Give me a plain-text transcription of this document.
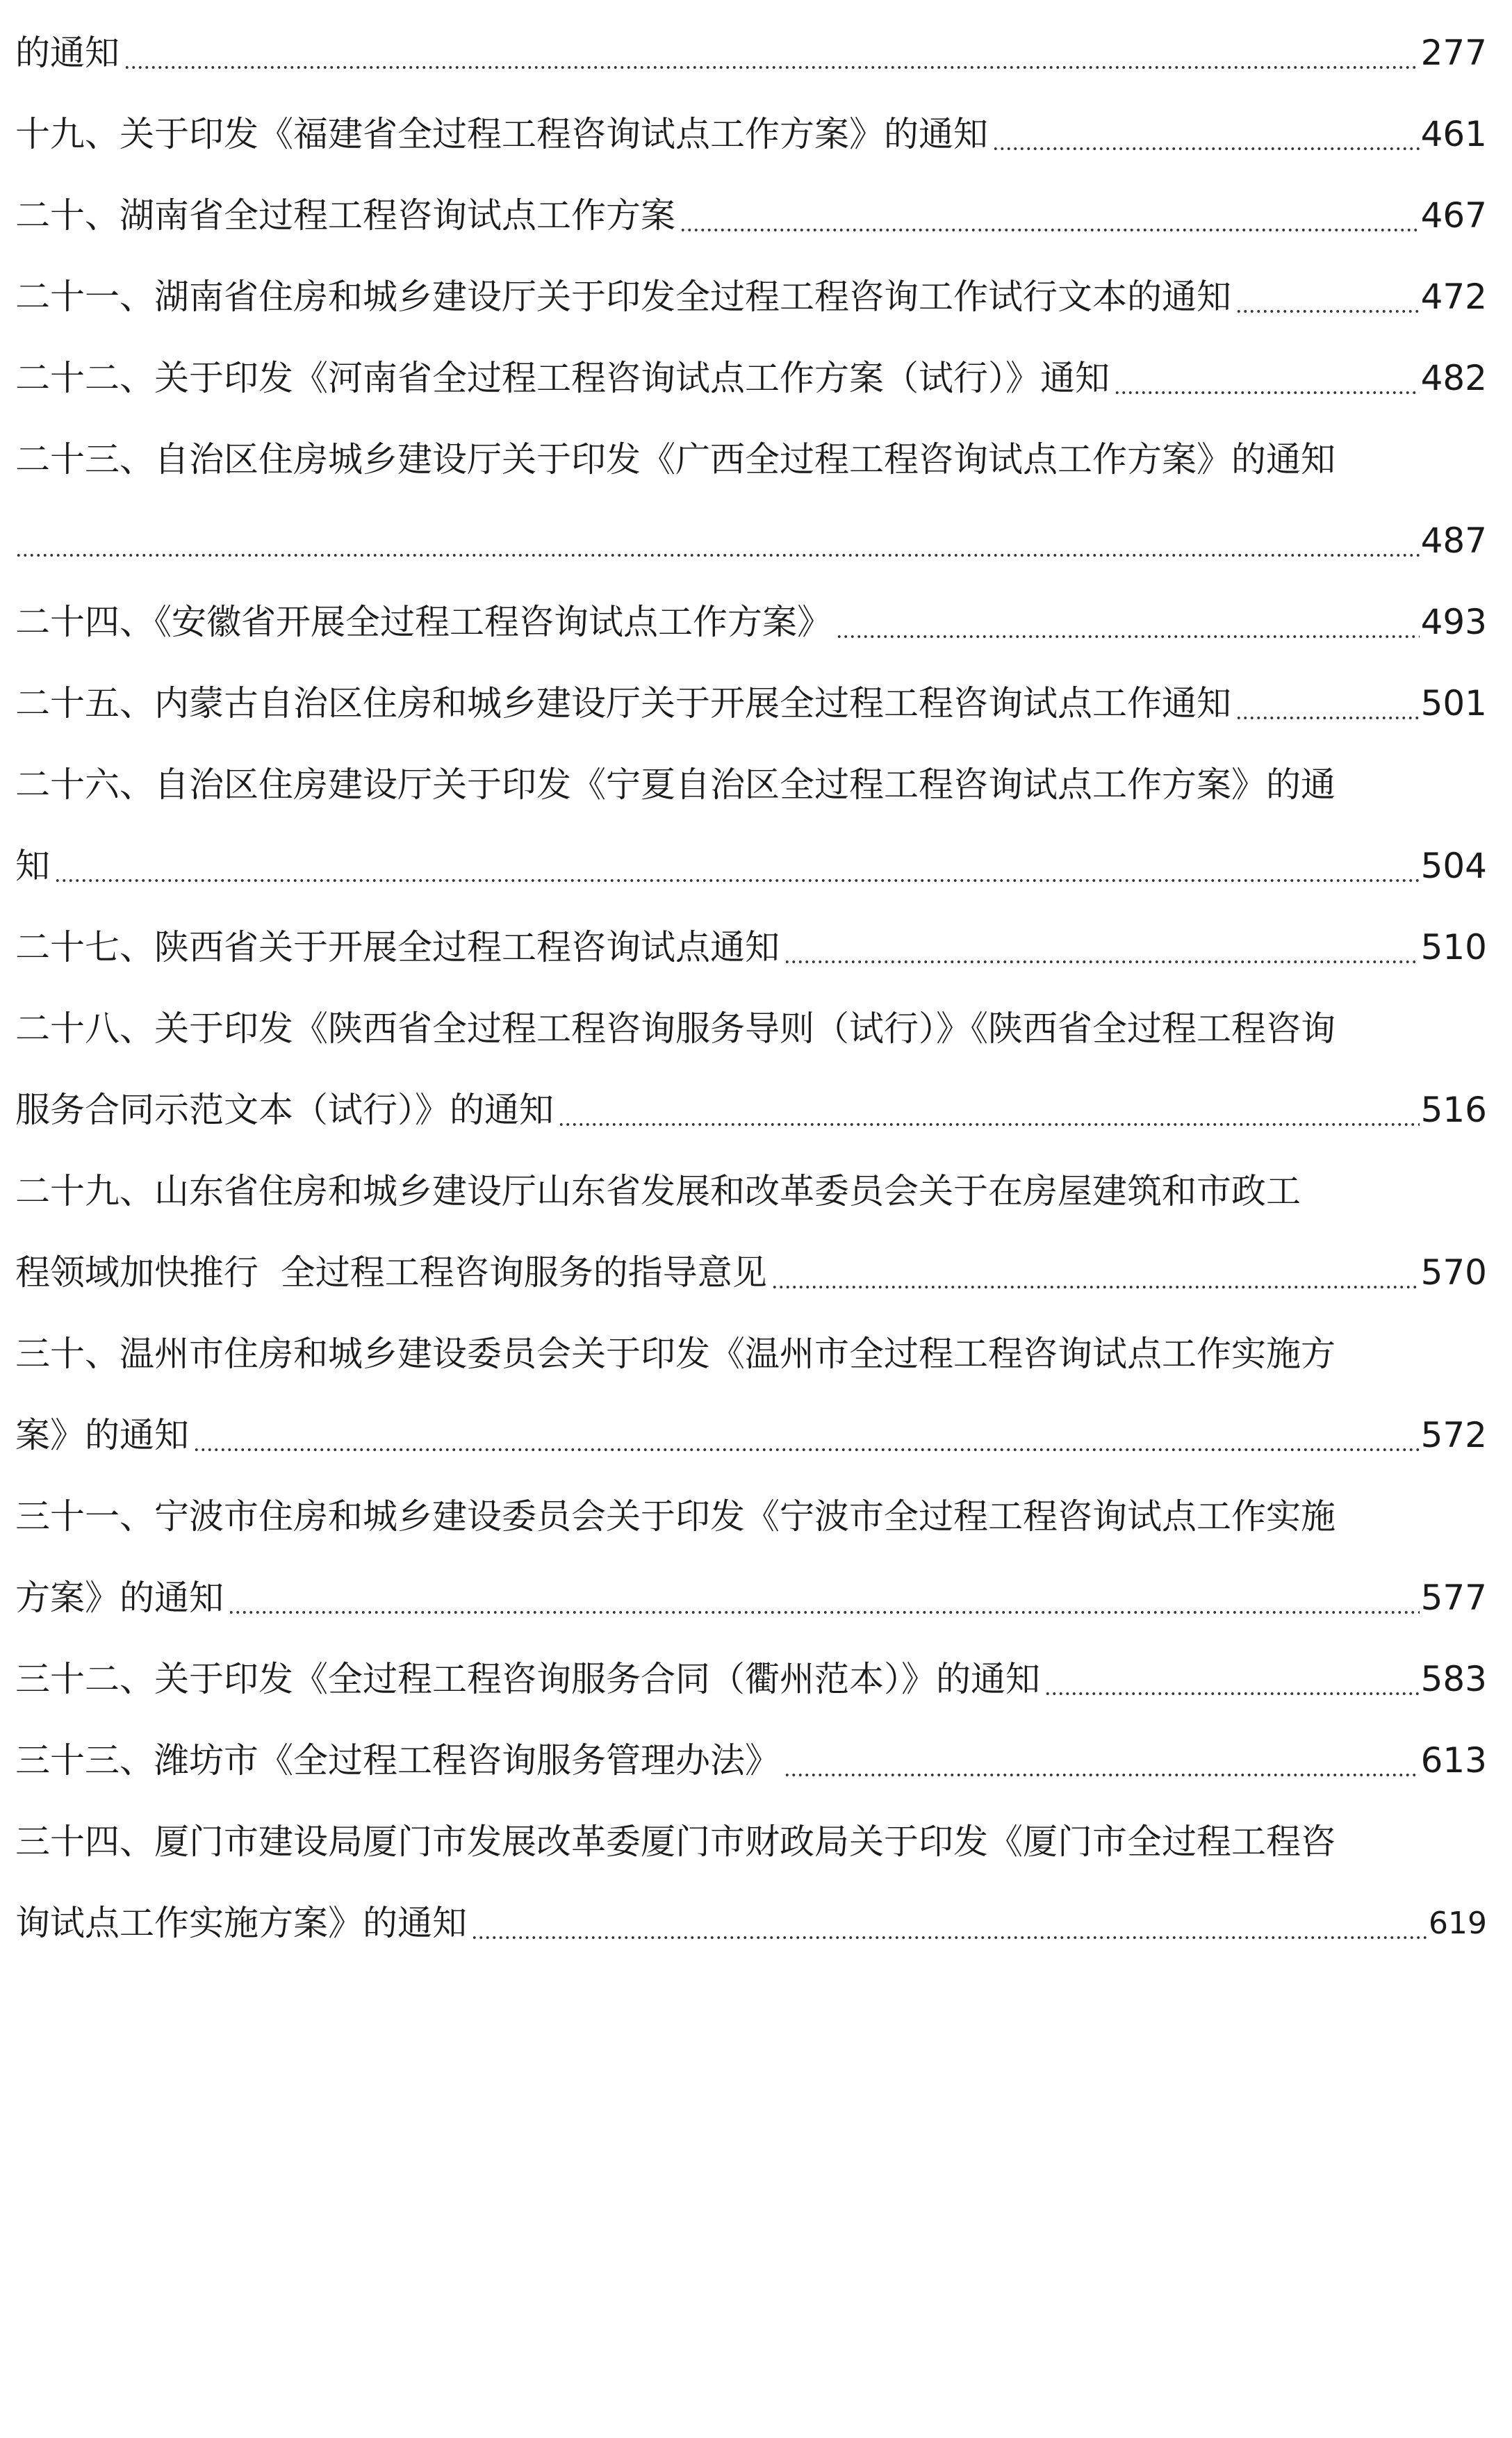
的通知	277
十九、关于印发《福建省全过程工程咨询试点工作方案》的通知	461
二十、湖南省全过程工程咨询试点工作方案	467
二十一、湖南省住房和城乡建设厅关于印发全过程工程咨询工作试行文本的通知	472
二十二、关于印发《河南省全过程工程咨询试点工作方案（试行）》通知	482
二十三、自治区住房城乡建设厅关于印发《广西全过程工程咨询试点工作方案》的通知
487
二十四、《安徽省开展全过程工程咨询试点工作方案》	493
二十五、内蒙古自治区住房和城乡建设厅关于开展全过程工程咨询试点工作通知	501
二十六、自治区住房建设厅关于印发《宁夏自治区全过程工程咨询试点工作方案》的通
知	504
二十七、陕西省关于开展全过程工程咨询试点通知	510
二十八、关于印发《陕西省全过程工程咨询服务导则（试行）》《陕西省全过程工程咨询
服务合同示范文本（试行）》的通知	516
二十九、山东省住房和城乡建设厅山东省发展和改革委员会关于在房屋建筑和市政工
程领域加快推行  全过程工程咨询服务的指导意见	570
三十、温州市住房和城乡建设委员会关于印发《温州市全过程工程咨询试点工作实施方
案》的通知	572
三十一、宁波市住房和城乡建设委员会关于印发《宁波市全过程工程咨询试点工作实施
方案》的通知	577
三十二、关于印发《全过程工程咨询服务合同（衢州范本）》的通知	583
三十三、潍坊市《全过程工程咨询服务管理办法》	613
三十四、厦门市建设局厦门市发展改革委厦门市财政局关于印发《厦门市全过程工程咨
询试点工作实施方案》的通知	619
